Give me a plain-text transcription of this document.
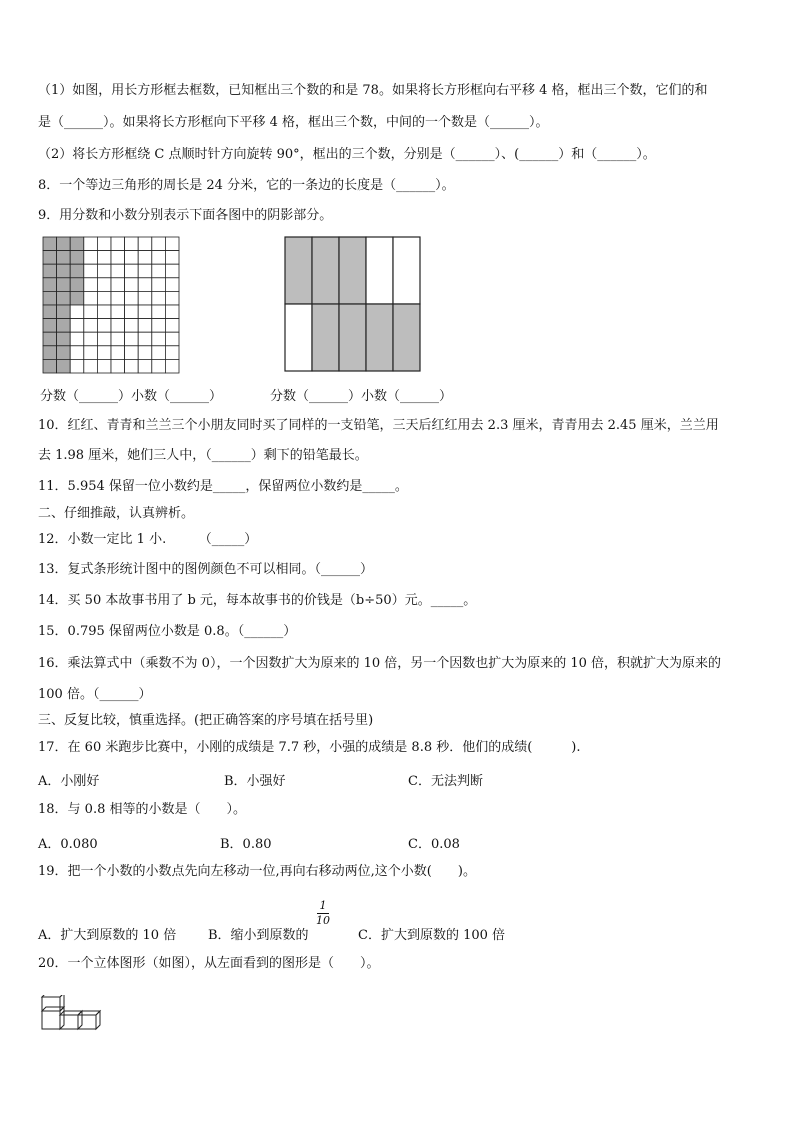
（1）如图，用长方形框去框数，已知框出三个数的和是 78。如果将长方形框向右平移 4 格，框出三个数，它们的和
是（______）。如果将长方形框向下平移 4 格，框出三个数，中间的一个数是（______）。
（2）将长方形框绕 C 点顺时针方向旋转 90°，框出的三个数，分别是（______）、(______）和（______）。
8．一个等边三角形的周长是 24 分米，它的一条边的长度是（______）。
9．用分数和小数分别表示下面各图中的阴影部分。
分数（______）小数（______）	分数（______）小数（______）
10．红红、青青和兰兰三个小朋友同时买了同样的一支铅笔，三天后红红用去 2.3 厘米，青青用去 2.45 厘米，兰兰用
去 1.98 厘米，她们三人中，（______）剩下的铅笔最长。
11．5.954 保留一位小数约是_____，保留两位小数约是_____。
二、仔细推敲，认真辨析。
12．小数一定比 1 小.　　　（_____）
13．复式条形统计图中的图例颜色不可以相同。（______）
14．买 50 本故事书用了 b 元，每本故事书的价钱是（b÷50）元。_____。
15．0.795 保留两位小数是 0.8。（______）
16．乘法算式中（乘数不为 0），一个因数扩大为原来的 10 倍，另一个因数也扩大为原来的 10 倍，积就扩大为原来的
100 倍。（______）
三、反复比较，慎重选择。(把正确答案的序号填在括号里)
17．在 60 米跑步比赛中，小刚的成绩是 7.7 秒，小强的成绩是 8.8 秒．他们的成绩(　　　).
A．小刚好	B．小强好	C．无法判断
18．与 0.8 相等的小数是（　　）。
A．0.080	B．0.80	C．0.08
19．把一个小数的小数点先向左移动一位,再向右移动两位,这个小数(　　)。
A．扩大到原数的 10 倍 B．缩小到原数的
1
10
C．扩大到原数的 100 倍
20．一个立体图形（如图），从左面看到的图形是（　　）。
